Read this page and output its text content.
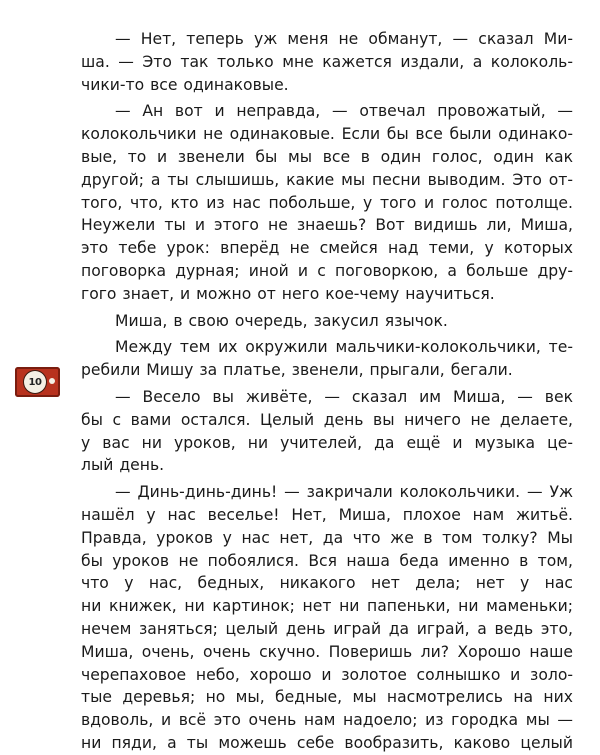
10

— Нет, теперь уж меня не обманут, — сказал Ми-

ша. — Это так только мне кажется издали, а колоколь-

чики-то все одинаковые.

— Ан вот и неправда, — отвечал провожатый, —

колокольчики не одинаковые. Если бы все были одинако-

вые, то и звенели бы мы все в один голос, один как

другой; а ты слышишь, какие мы песни выводим. Это от-

того, что, кто из нас побольше, у того и голос потолще.

Неужели ты и этого не знаешь? Вот видишь ли, Миша,

это тебе урок: вперёд не смейся над теми, у которых

поговорка дурная; иной и с поговоркою, а больше дру-

гого знает, и можно от него кое-чему научиться.

Миша, в свою очередь, закусил язычок.

Между тем их окружили мальчики-колокольчики, те-

ребили Мишу за платье, звенели, прыгали, бегали.

— Весело вы живёте, — сказал им Миша, — век

бы с вами остался. Целый день вы ничего не делаете,

у вас ни уроков, ни учителей, да ещё и музыка це-

лый день.

— Динь-динь-динь! — закричали колокольчики. — Уж

нашёл у нас веселье! Нет, Миша, плохое нам житьё.

Правда, уроков у нас нет, да что же в том толку? Мы

бы уроков не побоялися. Вся наша беда именно в том,

что у нас, бедных, никакого нет дела; нет у нас

ни книжек, ни картинок; нет ни папеньки, ни маменьки;

нечем заняться; целый день играй да играй, а ведь это,

Миша, очень, очень скучно. Поверишь ли? Хорошо наше

черепаховое небо, хорошо и золотое солнышко и золо-

тые деревья; но мы, бедные, мы насмотрелись на них

вдоволь, и всё это очень нам надоело; из городка мы —

ни пяди, а ты можешь себе вообразить, каково целый
